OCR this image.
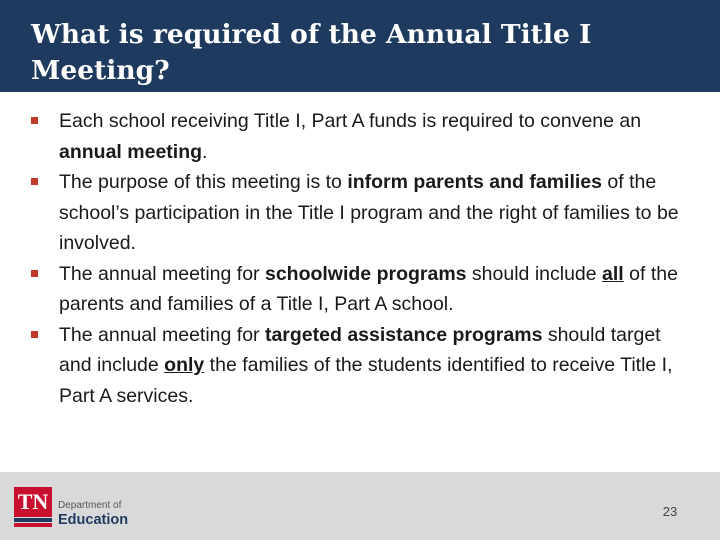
What is required of the Annual Title I
Meeting?

Each school receiving Title I, Part A funds is required to convene an annual meeting.

The purpose of this meeting is to inform parents and families of the school’s participation in the Title I program and the right of families to be involved.

The annual meeting for schoolwide programs should include all of the parents and families of a Title I, Part A school.

The annual meeting for targeted assistance programs should target and include only the families of the students identified to receive Title I, Part A services.

TN Department of
Education
23
